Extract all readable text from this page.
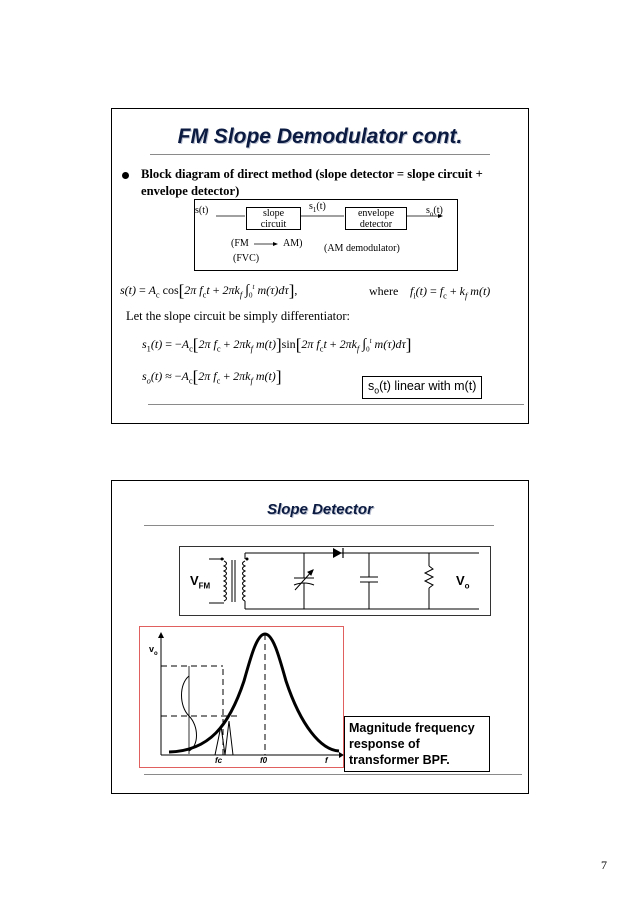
FM Slope Demodulator cont.
Block diagram of direct method (slope detector = slope circuit + envelope detector)
slope
circuit
envelope
detector
s(t)	$s_1(t)$	$s_o(t)$
(FM	AM)
(FVC)
(AM demodulator)
$s(t) = A_c$ cos[2π $f_ct + 2\pi k_f$ $\int_0^t$ m(τ)dτ],	where $f_i(t) = f_c + k_f$ m(t)
Let the slope circuit be simply differentiator:
$s_1(t) = -A_c[2\pi$ $f_c + 2\pi k_f$ m(t)]sin[2π $f_ct + 2\pi k_f$ $\int_0^t$ m(τ)dτ]
$s_o(t) \approx -A_c[2\pi$ $f_c + 2\pi k_f$ m(t)]	$s_o(t)$ linear with m(t)
Slope Detector
$V_{FM}$	$V_o$
$v_o$
fc	f0	f
Magnitude frequency response of transformer BPF.
7
